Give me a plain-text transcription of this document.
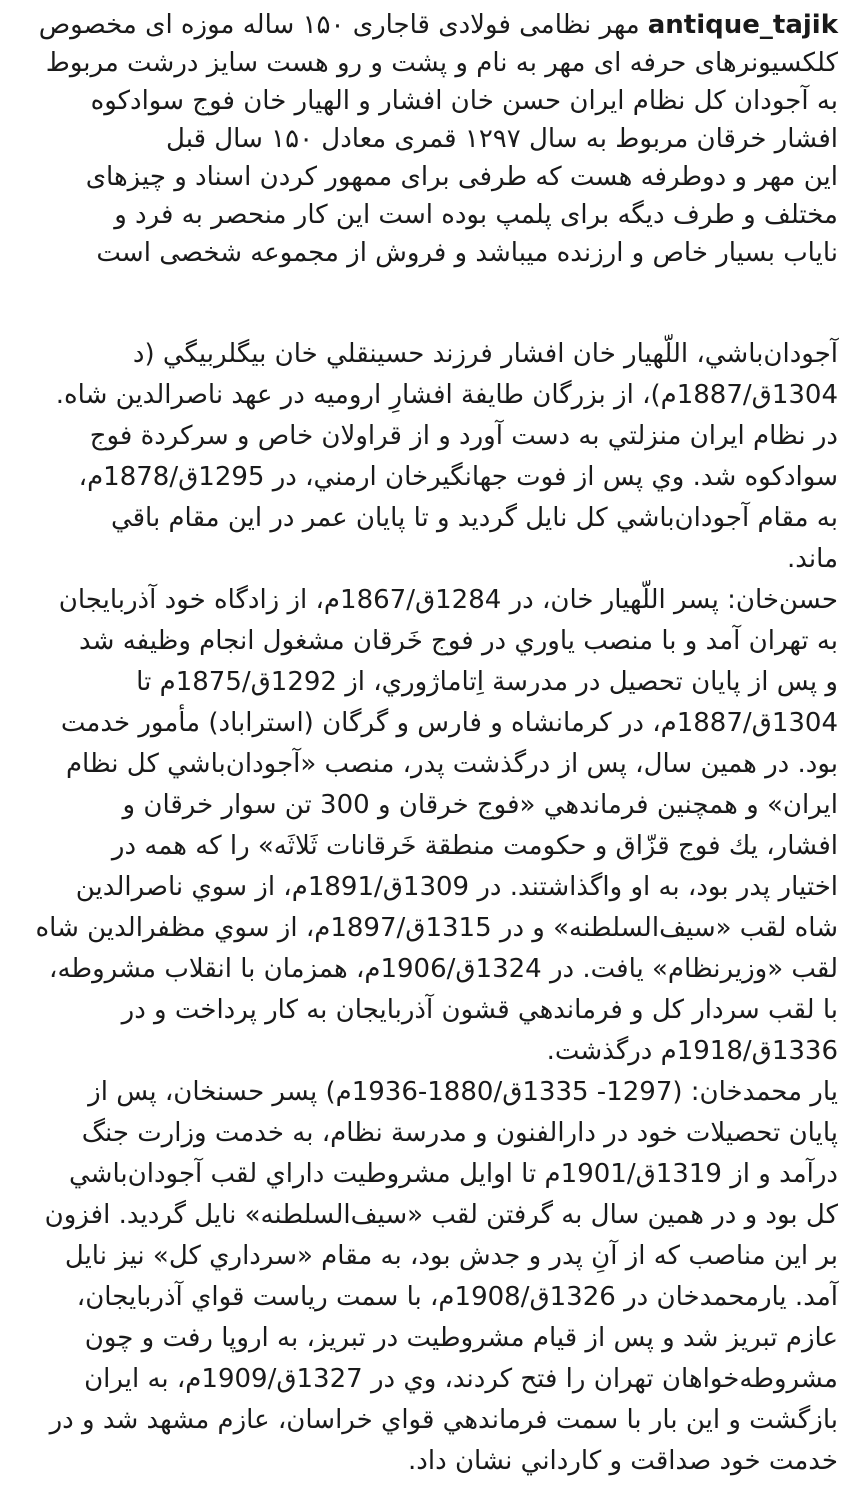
antique_tajikمهر نظامی فولادی قاجاری ۱۵۰ ساله موزه ای مخصوص

کلکسیونرهای حرفه ای مهر به نام و پشت و رو هست سایز درشت مربوط

به آجودان کل نظام ایران حسن خان افشار و الهیار خان فوج سوادکوه

افشار خرقان مربوط به سال ۱۲۹۷ قمری معادل ۱۵۰ سال قبل

این مهر و دوطرفه هست که طرفی برای ممهور کردن اسناد و چیزهای

مختلف و طرف دیگه برای پلمپ بوده است این کار منحصر به فرد و

نایاب بسیار خاص و ارزنده میباشد و فروش از مجموعه شخصی است

آجودان‌باشي، اللّهيار خان افشار فرزند حسينقلي خان بيگلربيگي (د
1304ق/1887م)، از بزرگان طايفة افشارِ اروميه در عهد ناصرالدين شاه.
در نظام ايران منزلتي به دست آورد و از قراولان خاص و سركردة فوج
سوادكوه شد. وي پس از فوت جهانگيرخان ارمني، در 1295ق/1878م،
به مقام آجودان‌باشي كل نايل گرديد و تا پايان عمر در اين مقام باقي
ماند.
حسن‌خان: پسر اللّهيار خان، در 1284ق/1867م، از زادگاه خود آذربايجان
به تهران آمد و با منصب ياوري در فوج خَرقان مشغول انجام وظيفه شد
و پس از پايان تحصيل در مدرسة اِتاماژوري، از 1292ق/1875م تا
1304ق/1887م، در كرمانشاه و فارس و گرگان (استراباد) مأمور خدمت
بود. در همين سال، پس از درگذشت پدر، منصب «آجودان‌باشي كل نظام
ايران» و همچنين فرماندهي «فوج خرقان و 300 تن سوار خرقان و
افشار، يك فوج قزّاق و حكومت منطقة خَرقانات ثَلاثَه» را كه همه در
اختيار پدر بود، به او واگذاشتند. در 1309ق/1891م، از سوي ناصرالدين
شاه لقب «سيف‌السلطنه» و در 1315ق/1897م، از سوي مظفرالدين شاه
لقب «وزيرنظام» يافت. در 1324ق/1906م، همزمان با انقلاب مشروطه،
با لقب سردار كل و فرماندهي قشون آذربايجان به كار پرداخت و در
1336ق/1918م درگذشت.
يار محمدخان: (1297- 1335ق/1880-1936م) پسر حسنخان، پس از
پايان تحصيلات خود در دارالفنون و مدرسة نظام، به خدمت وزارت جنگ
درآمد و از 1319ق/1901م تا اوايل مشروطيت داراي لقب آجودان‌باشي
كل بود و در همين سال به گرفتن لقب «سيف‌السلطنه» نايل گرديد. افزون
بر اين مناصب كه از آنِ پدر و جدش بود، به مقام «سرداري كل» نيز نايل
آمد. يارمحمدخان در 1326ق/1908م، با سمت رياست قواي آذربايجان،
عازم تبريز شد و پس از قيام مشروطيت در تبريز، به اروپا رفت و چون
مشروطه‌خواهان تهران را فتح كردند، وي در 1327ق/1909م، به ايران
بازگشت و اين بار با سمت فرماندهي قواي خراسان، عازم مشهد شد و در
خدمت خود صداقت و كارداني نشان داد.
